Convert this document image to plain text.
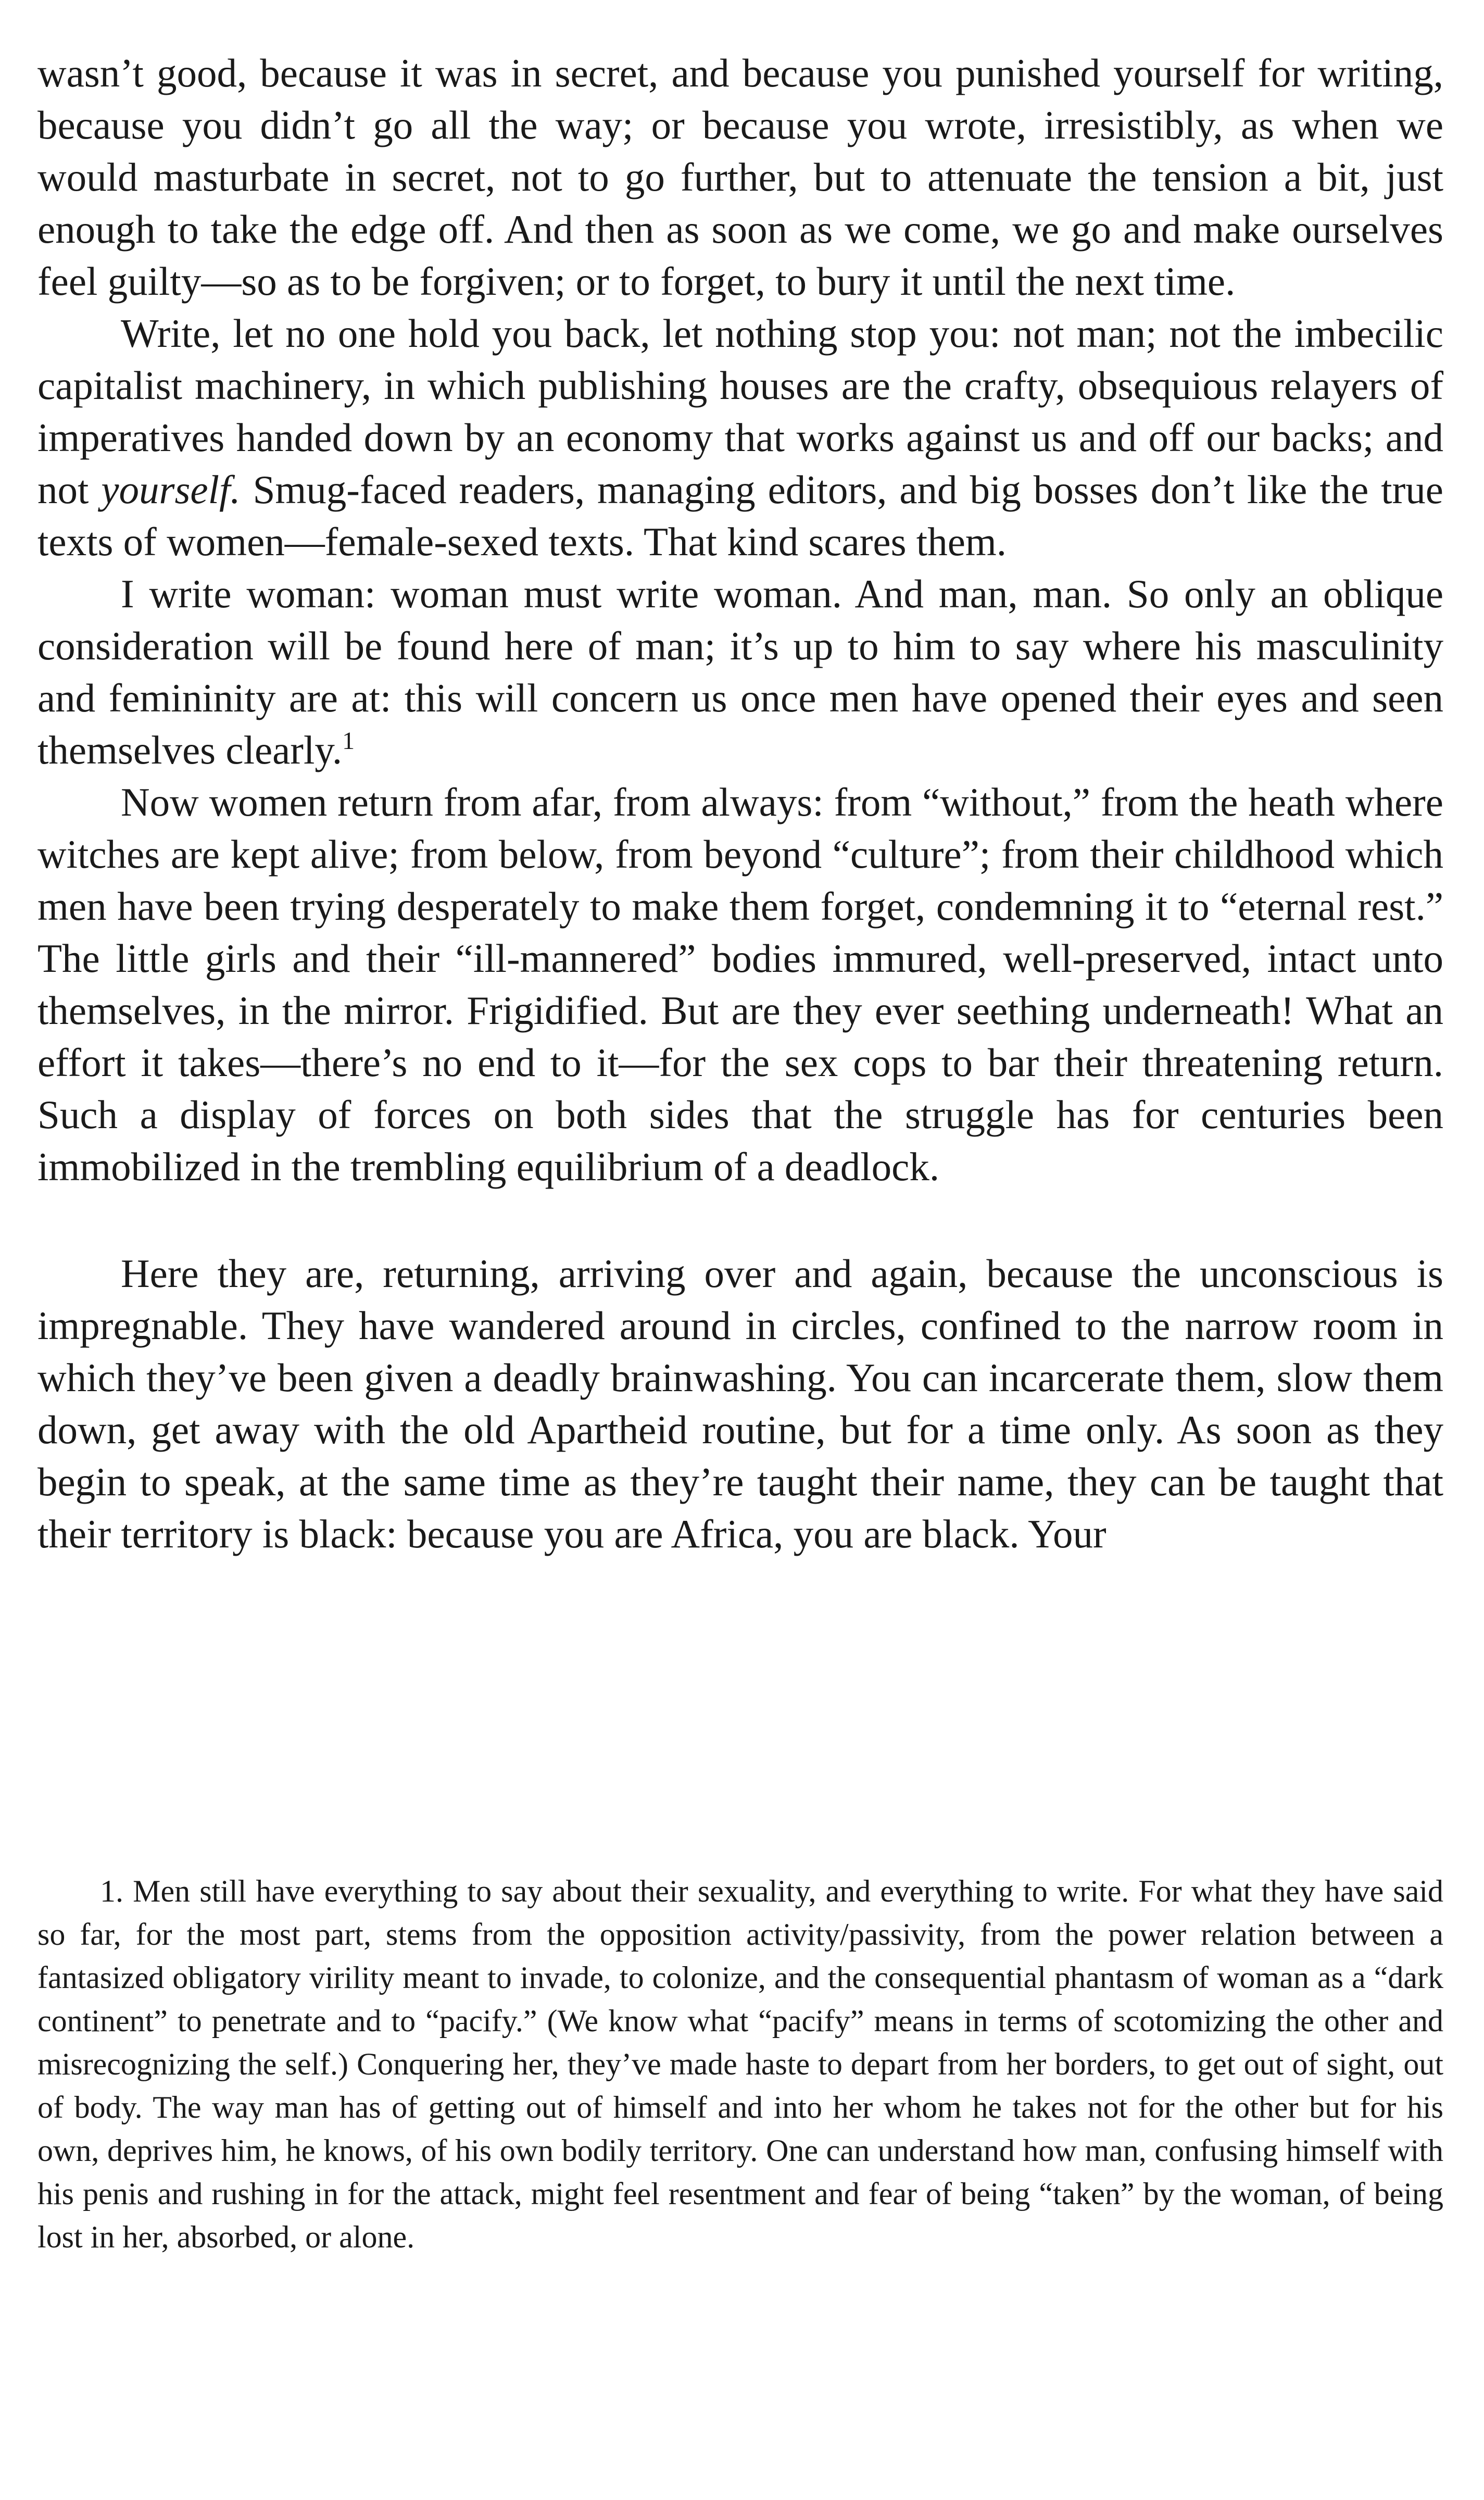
wasn’t good, because it was in secret, and because you punished yourself for writing, because you didn’t go all the way; or because you wrote, irresistibly, as when we would masturbate in secret, not to go further, but to attenuate the tension a bit, just enough to take the edge off. And then as soon as we come, we go and make ourselves feel guilty—so as to be forgiven; or to forget, to bury it until the next time.

Write, let no one hold you back, let nothing stop you: not man; not the imbecilic capitalist machinery, in which publishing houses are the crafty, obsequious relayers of imperatives handed down by an economy that works against us and off our backs; and not yourself. Smug-faced readers, managing editors, and big bosses don’t like the true texts of women—female-sexed texts. That kind scares them.

I write woman: woman must write woman. And man, man. So only an oblique consideration will be found here of man; it’s up to him to say where his masculinity and femininity are at: this will concern us once men have opened their eyes and seen themselves clearly.$^1$

Now women return from afar, from always: from “without,” from the heath where witches are kept alive; from below, from beyond “culture”; from their childhood which men have been trying desperately to make them forget, condemning it to “eternal rest.” The little girls and their “ill-mannered” bodies immured, well-preserved, intact unto themselves, in the mirror. Frigidified. But are they ever seething underneath! What an effort it takes—there’s no end to it—for the sex cops to bar their threatening return. Such a display of forces on both sides that the struggle has for centuries been immobilized in the trembling equilibrium of a deadlock.

Here they are, returning, arriving over and again, because the unconscious is impregnable. They have wandered around in circles, confined to the narrow room in which they’ve been given a deadly brainwashing. You can incarcerate them, slow them down, get away with the old Apartheid routine, but for a time only. As soon as they begin to speak, at the same time as they’re taught their name, they can be taught that their territory is black: because you are Africa, you are black. Your

1. Men still have everything to say about their sexuality, and everything to write. For what they have said so far, for the most part, stems from the opposition activity/passivity, from the power relation between a fantasized obligatory virility meant to invade, to colonize, and the consequential phantasm of woman as a “dark continent” to penetrate and to “pacify.” (We know what “pacify” means in terms of scotomizing the other and misrecognizing the self.) Conquering her, they’ve made haste to depart from her borders, to get out of sight, out of body. The way man has of getting out of himself and into her whom he takes not for the other but for his own, deprives him, he knows, of his own bodily territory. One can understand how man, confusing himself with his penis and rushing in for the attack, might feel resentment and fear of being “taken” by the woman, of being lost in her, absorbed, or alone.
